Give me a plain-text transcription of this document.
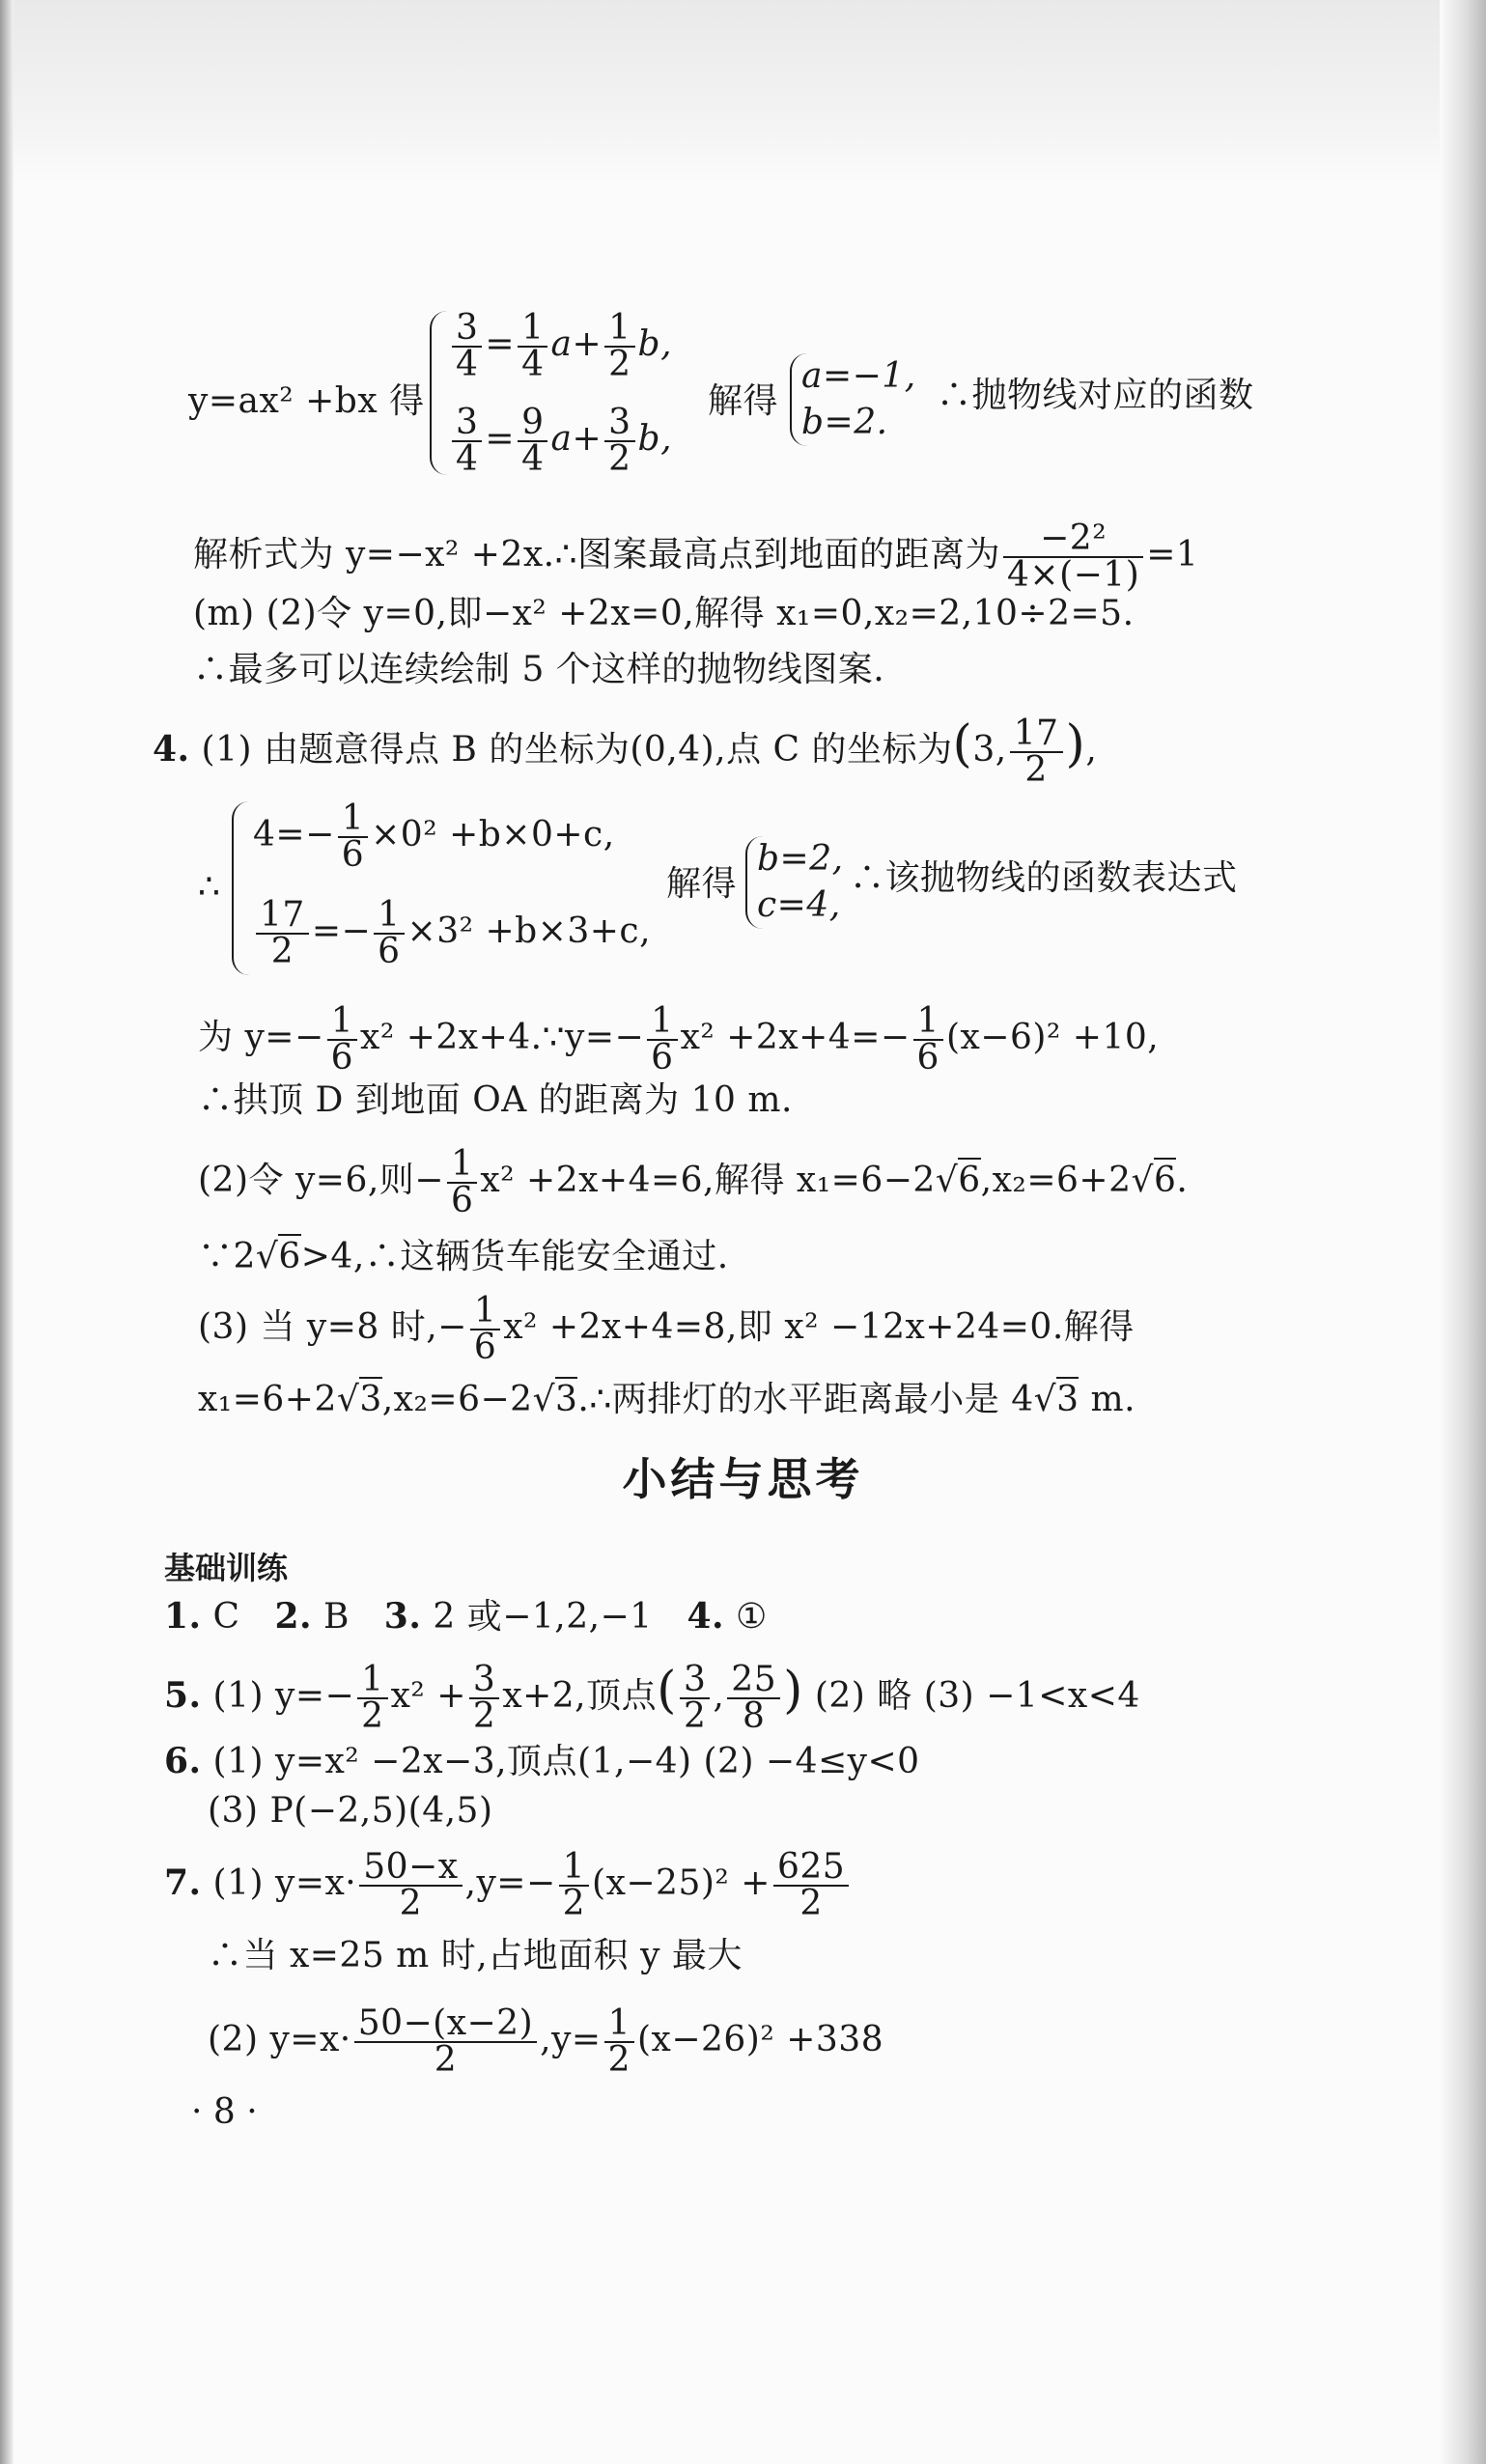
y=ax² +bx 得
$\frac{3}{4} = \frac{1}{4} a+ \frac{1}{2} b$,
$\frac{3}{4} = \frac{9}{4} a+ \frac{3}{2} b$,
解得
a=−1,
b=2.
∴抛物线对应的函数
解析式为 y=−x² +2x.∴图案最高点到地面的距离为 $\frac{\text{−2²}}{4\times(-1)} =1$
(m) (2)令 y=0,即−x² +2x=0,解得 x₁=0,x₂=2,10÷2=5.
∴最多可以连续绘制 5 个这样的抛物线图案.
4. (1) 由题意得点 B 的坐标为(0,4),点 C 的坐标为(3, $\frac{17}{2}$ ),
∴
$4=- \frac{1}{6} \times 0^2 +b\times 0+c$,
$\frac{17}{2} =- \frac{1}{6} \times 3^2 +b\times 3+c$,
解得
b=2,
c=4,
∴该抛物线的函数表达式
为 $y=- \frac{1}{6} x^2$ +2x+4.∵y=− $\frac{1}{6} x^2 +2x+4=- \frac{1}{6} (x-6)^2 +10$,
∴拱顶 D 到地面 OA 的距离为 10 m.
(2)令 y=6,则− $\frac{1}{6} x^2 +2x+4=6$,解得 x₁=6−2√6,x₂=6+2√6.
∵2√6>4,∴这辆货车能安全通过.
(3) 当 y=8 时,− $\frac{1}{6} x^2 +2x+4=8$,即 x² −12x+24=0.解得
x₁=6+2√3,x₂=6−2√3.∴两排灯的水平距离最小是 4√3 m.
小结与思考
基础训练
1. C 2. B 3. 2 或−1,2,−1 4. ①
5. (1) $y=- \frac{1}{2} x^2 + \frac{3}{2} x+2$,顶点( $\frac{3}{2}$ , $\frac{25}{8}$ ) (2) 略 (3) −1<x<4
6. (1) y=x² −2x−3,顶点(1,−4) (2) −4≤y<0
(3) P(−2,5)(4,5)
7. (1) $y=x\cdot \frac{50-x}{2} ,y=- \frac{1}{2} (x-25)^2 + \frac{625}{2}$
∴当 x=25 m 时,占地面积 y 最大
(2) $y=x\cdot \frac{50-(x-2)}{2} ,y= \frac{1}{2} (x-26)^2 +338$
· 8 ·
